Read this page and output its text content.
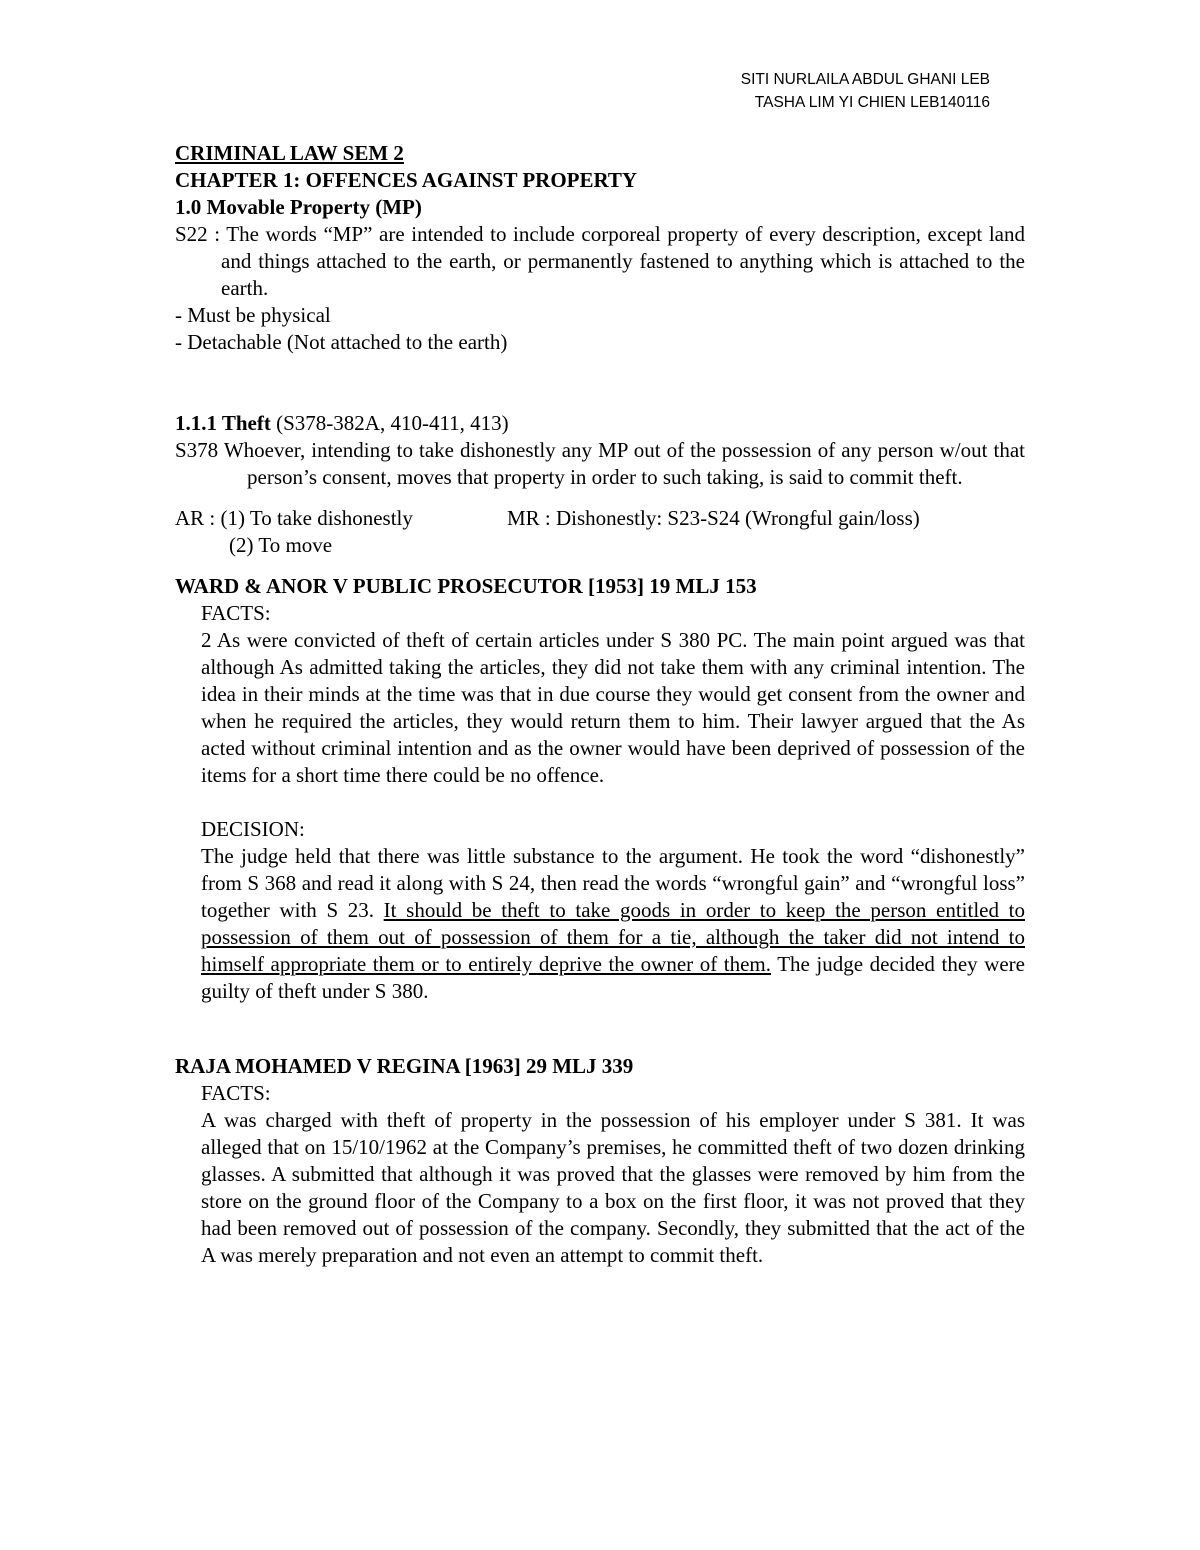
SITI NURLAILA ABDUL GHANI LEB
TASHA LIM YI CHIEN LEB140116

CRIMINAL LAW SEM 2

CHAPTER 1: OFFENCES AGAINST PROPERTY

1.0 Movable Property (MP)

S22 : The words “MP” are intended to include corporeal property of every description, except land and things attached to the earth, or permanently fastened to anything which is attached to the earth.

- Must be physical

- Detachable (Not attached to the earth)

1.1.1 Theft (S378-382A, 410-411, 413)

S378 Whoever, intending to take dishonestly any MP out of the possession of any person w/out that person’s consent, moves that property in order to such taking, is said to commit theft.

AR : (1) To take dishonestly	MR : Dishonestly: S23-S24 (Wrongful gain/loss)

(2) To move

WARD & ANOR V PUBLIC PROSECUTOR [1953] 19 MLJ 153

FACTS:

2 As were convicted of theft of certain articles under S 380 PC. The main point argued was that although As admitted taking the articles, they did not take them with any criminal intention. The idea in their minds at the time was that in due course they would get consent from the owner and when he required the articles, they would return them to him. Their lawyer argued that the As acted without criminal intention and as the owner would have been deprived of possession of the items for a short time there could be no offence.

DECISION:

The judge held that there was little substance to the argument. He took the word “dishonestly” from S 368 and read it along with S 24, then read the words “wrongful gain” and “wrongful loss” together with S 23. It should be theft to take goods in order to keep the person entitled to possession of them out of possession of them for a tie, although the taker did not intend to himself appropriate them or to entirely deprive the owner of them. The judge decided they were guilty of theft under S 380.

RAJA MOHAMED V REGINA [1963] 29 MLJ 339

FACTS:

A was charged with theft of property in the possession of his employer under S 381. It was alleged that on 15/10/1962 at the Company’s premises, he committed theft of two dozen drinking glasses. A submitted that although it was proved that the glasses were removed by him from the store on the ground floor of the Company to a box on the first floor, it was not proved that they had been removed out of possession of the company. Secondly, they submitted that the act of the A was merely preparation and not even an attempt to commit theft.
